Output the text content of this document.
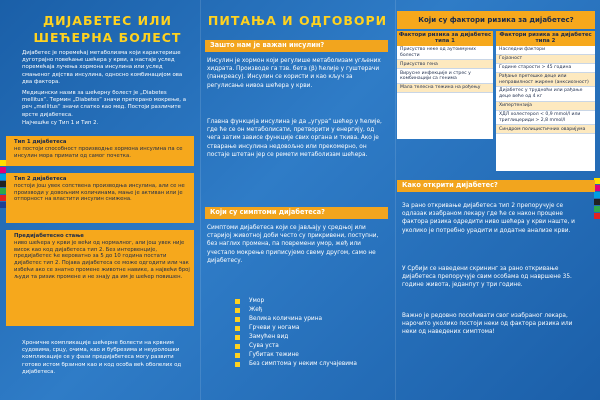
ДИЈАБЕТЕС ИЛИ
ШЕЋЕРНА БОЛЕСТ
Дијабетес је поремећај метаболизма који карактерише дуготрајно повећање шећера у крви, а настаје услед поремећаја лучења хормона инсулина или услед смањеног дејства инсулина, односно комбинацијом ова два фактора.
Медицински назив за шећерну болест је „Diabetes mellitus“. Термин „Diabetes“ значи претерано мокрење, а реч „mellitus“ значи слатко као мед. Постоји различите врсте дијабетеса.
Најчешће су Тип 1 и Тип 2.
Тип 1 дијабетеса
не постоји способност производње хормона инсулина па се инсулин мора примати од самог почетка.
Тип 2 дијабетеса
постоји још увек сопствена производња инсулина, али се не производи у довољним количинама, мање је активан или је отпорност на властити инсулин снижена.
Предијабетесно стање
ниво шећера у крви је већи од нормалног, али још увек није висок као код дијабетеса тип 2. Без интервенције, предијабетес ће вероватно за 5 до 10 година постати дијабетес тип 2. Појава дијабетеса се може одгодити или чак избећи ако се знатно промене животне навике, а највећи број људи та ризик промене и не знају да им је шећер повишен.
Хроничне компликације шећерне болести на крвним судовима, срцу, очима, као и бубрезима и неуролошки компликације се у фази предијабетеса могу развити готово истом брзином као и код особа већ оболелих од дијабетеса.
ПИТАЊА И ОДГОВОРИ
Зашто нам је важан инсулин?
Инсулин је хормон који регулише метаболизам угљених хидрата. Производе га тзв. бета (β) ћелије у гуштерачи (панкреасу). Инсулин се користи и као кључ за регулисање нивоа шећера у крви.
Главна функција инсулина је да „угура“ шећер у ћелије, где ће се он метаболисати, претворити у енергију, од чега затим зависе функције свих органа и ткива. Ако је стварање инсулина недовољно или прекомерно, он постаје штетан јер се ремети метаболизам шећера.
Који су симптоми дијабетеса?
Симптоми дијабетеса који се јављају у средњој или старијој животној доби често су прикривени, поступни, без наглих промена, па повремени умор, жеђ или учестало мокрење приписујемо свему другом, само не дијабетесу.
Умор
Жеђ
Велика количина урина
Грчеви у ногама
Замућен вид
Сува уста
Губитак тежине
Без симптома у неким случајевима
Који су фактори ризика за дијабетес?
Фактори ризика за дијабетес типа 1
Присуство неке од аутоимуних болести
Присуство гена
Вирусне инфекције и стрес у комбинацији са генима
Мала телесна тежина на рођењу
Фактори ризика за дијабетес типа 2
Наследни фактори
Гојазност
Године старости > 45 година
Рађање претешке деце или неправилност жирене (анксиозност)
Дијабетес у трудноћи или рађање деце веће од 4 кг
Хипертензија
ХДЛ холестерол < 0,9 mmol/l или триглицериди > 2,8 mmol/l
Синдром полицистичних оваријума
Како открити дијабетес?
За рано откривање дијабетеса тип 2 препоручује се одлазак изабраном лекару где ће се након процене фактора ризика одредити ниво шећера у крви наште, и уколико је потребно урадити и додатне анализе крви.
У Србији се наведени скрининг за рано откривање дијабетеса препоручује свим особама од навршене 35. године живота, једанпут у три године.
Важно је редовно посећивати свог изабраног лекара, нарочито уколико постоји неки од фактора ризика или неки од наведених симптома!
